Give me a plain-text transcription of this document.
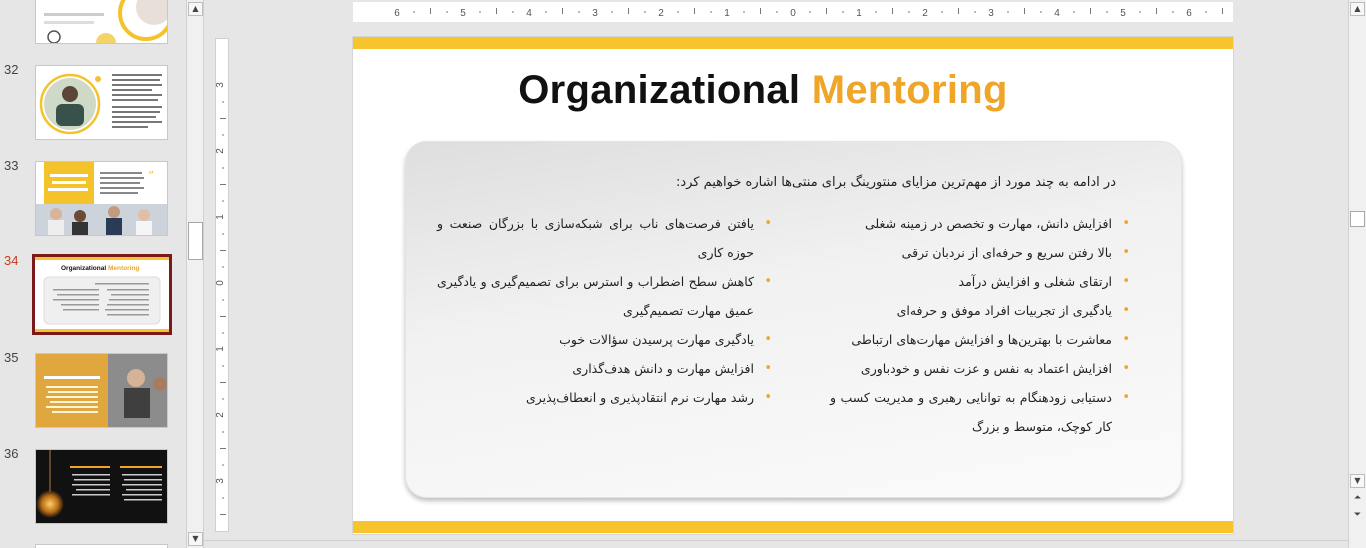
32
33
”
34
Organizational Mentoring
35
36
▲
▼
6	5	4	3	2	1	0	1	2	3	4	5	6
3
2
1
0
1
2
3
Organizational Mentoring
در ادامه به چند مورد از مهم‌ترین مزایای منتورینگ برای منتی‌ها اشاره خواهیم کرد:
• افزایش دانش، مهارت و تخصص در زمینه شغلی
• بالا رفتن سریع و حرفه‌ای از نردبان ترقی
• ارتقای شغلی و افزایش درآمد
• یادگیری از تجربیات افراد موفق و حرفه‌ای
• معاشرت با بهترین‌ها و افزایش مهارت‌های ارتباطی
• افزایش اعتماد به نفس و عزت نفس و خودباوری
• دستیابی زودهنگام به توانایی رهبری و مدیریت کسب و کار کوچک، متوسط و بزرگ
• یافتن فرصت‌های ناب برای شبکه‌سازی با بزرگان صنعت و حوزه کاری
• کاهش سطح اضطراب و استرس برای تصمیم‌گیری و یادگیری عمیق مهارت تصمیم‌گیری
• یادگیری مهارت پرسیدن سؤالات خوب
• افزایش مهارت و دانش هدف‌گذاری
• رشد مهارت نرم انتقادپذیری و انعطاف‌پذیری
▲
▼
⏶
⏷
